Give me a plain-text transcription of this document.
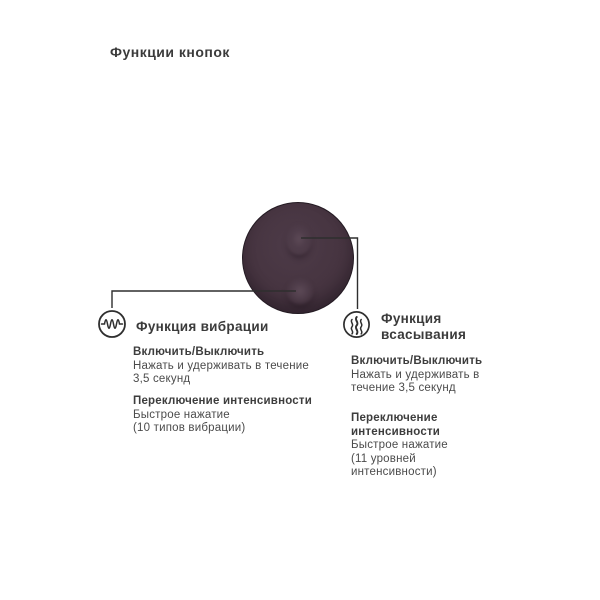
Функции кнопок
Функция вибрации
Функция
всасывания
Включить/Выключить
Нажать и удерживать в течение
3,5 секунд
Переключение интенсивности
Быстрое нажатие
(10 типов вибрации)
Включить/Выключить
Нажать и удерживать в
течение 3,5 секунд
Переключение
интенсивности
Быстрое нажатие
(11 уровней
интенсивности)
